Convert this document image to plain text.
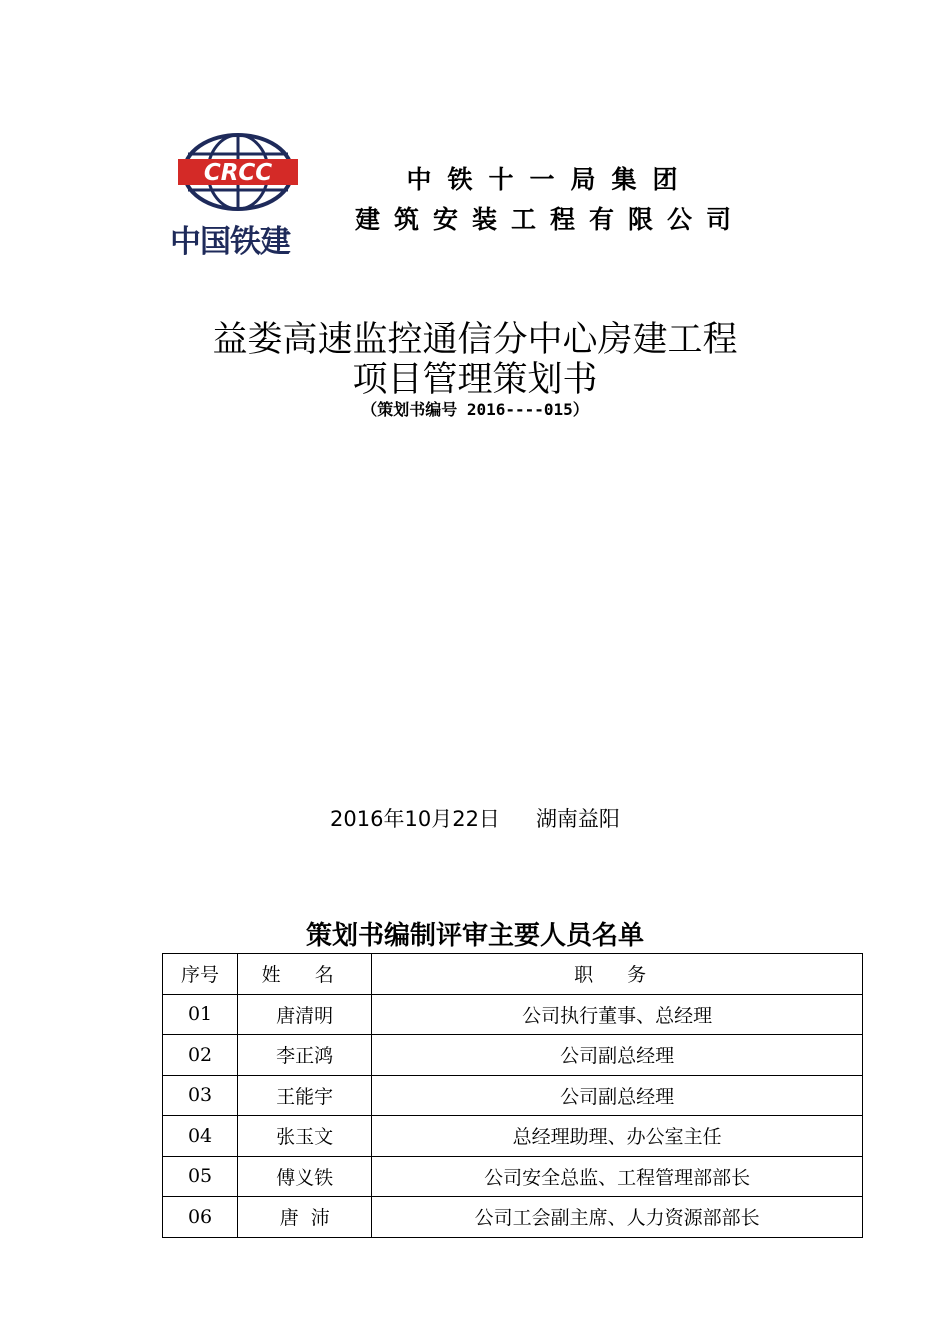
CRCC
中国铁建
中铁十一局集团
建筑安装工程有限公司
益娄高速监控通信分中心房建工程
项目管理策划书
（策划书编号 2016----015）
2016年10月22日 湖南益阳
策划书编制评审主要人员名单
序号	姓 名	职 务
01	唐清明	公司执行董事、总经理
02	李正鸿	公司副总经理
03	王能宇	公司副总经理
04	张玉文	总经理助理、办公室主任
05	傅义铁	公司安全总监、工程管理部部长
06	唐  沛	公司工会副主席、人力资源部部长
